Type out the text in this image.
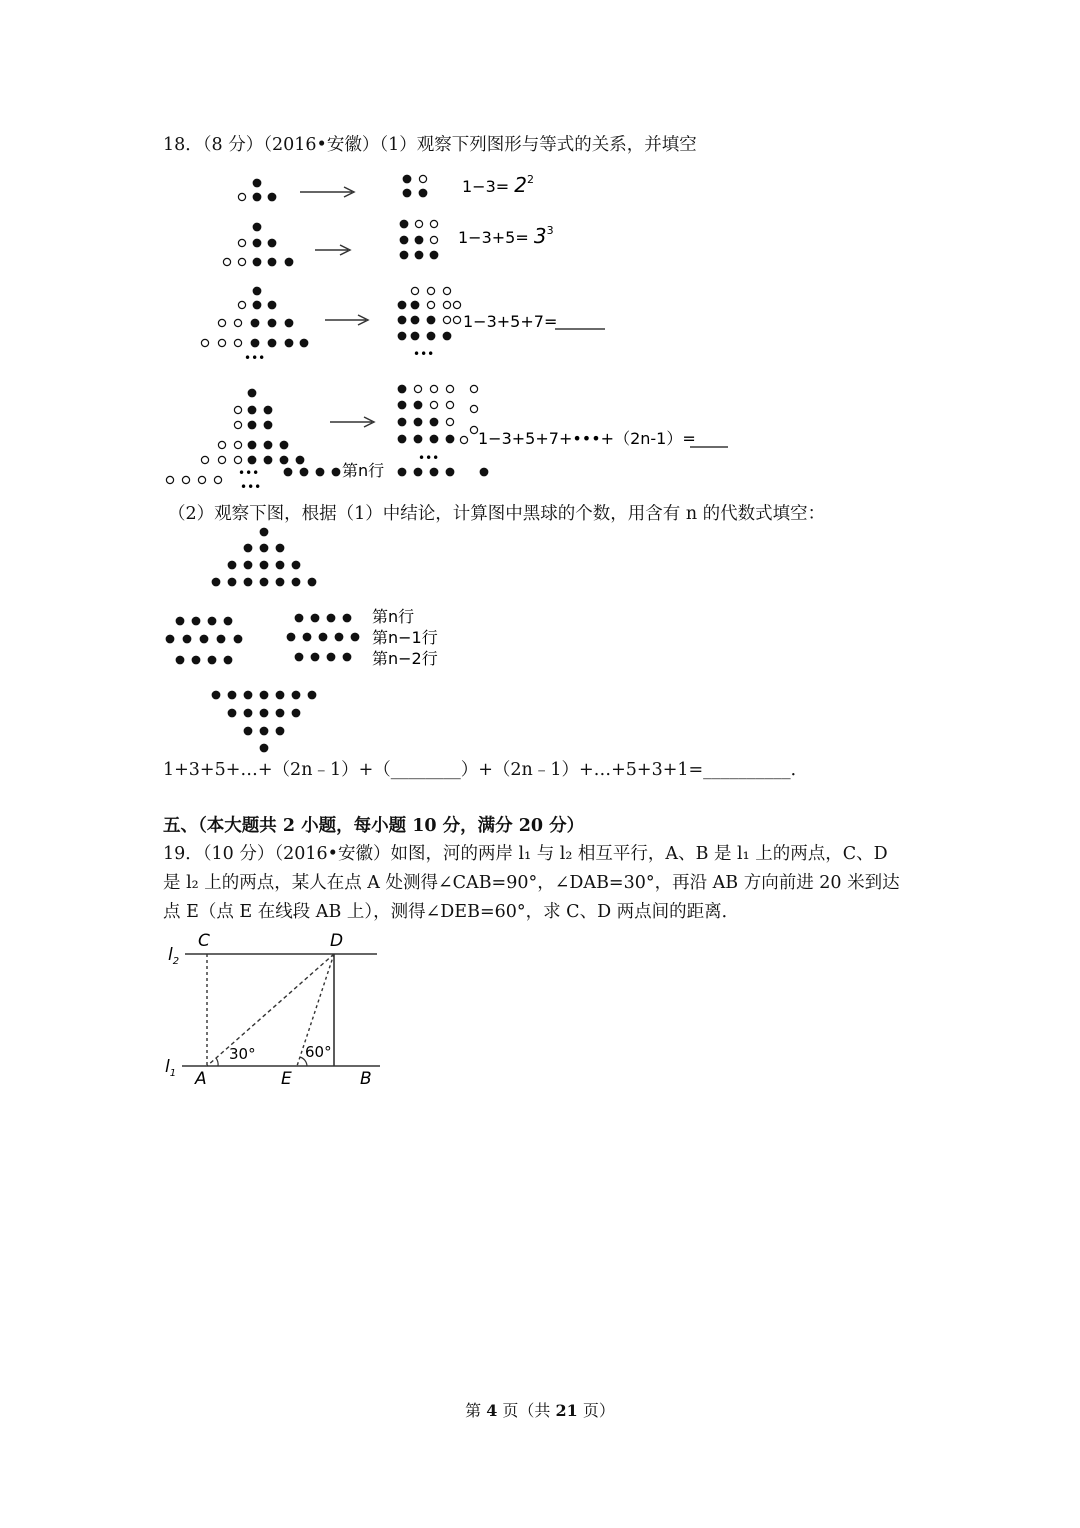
18．（8 分）（2016•安徽）（1）观察下列图形与等式的关系，并填空
•••	•••
•••
•••
•••
$1-3= 2^2$
$1-3+5= 3^3$
1−3+5+7=
1−3+5+7+•••+（2n-1）=
第n行
（2）观察下图，根据（1）中结论，计算图中黑球的个数，用含有 n 的代数式填空：
第n行
第n−1行
第n−2行
1+3+5+…+（2n﹣1）+（________）+（2n﹣1）+…+5+3+1=__________．
五、（本大题共 2 小题，每小题 10 分，满分 20 分）
19．（10 分）（2016•安徽）如图，河的两岸 l₁ 与 l₂ 相互平行，A、B 是 l₁ 上的两点，C、D
是 l₂ 上的两点，某人在点 A 处测得∠CAB=90°，∠DAB=30°，再沿 AB 方向前进 20 米到达
点 E（点 E 在线段 AB 上），测得∠DEB=60°，求 C、D 两点间的距离．
C	D
A	E	B
$l_2$
$l_1$
30°	60°
第 4 页（共 21 页）
